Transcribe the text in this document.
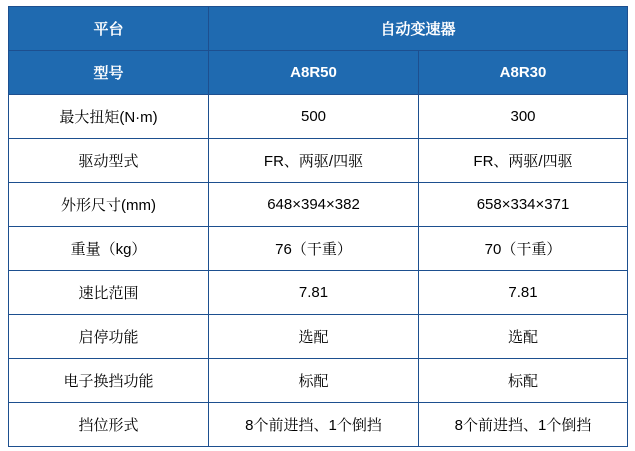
平台	自动变速器	
型号	A8R50	A8R30
最大扭矩(N·m)	500	300
驱动型式	FR、两驱/四驱	FR、两驱/四驱
外形尺寸(mm)	648×394×382	658×334×371
重量（kg）	76（干重）	70（干重）
速比范围	7.81	7.81
启停功能	选配	选配
电子换挡功能	标配	标配
挡位形式	8个前进挡、1个倒挡	8个前进挡、1个倒挡
